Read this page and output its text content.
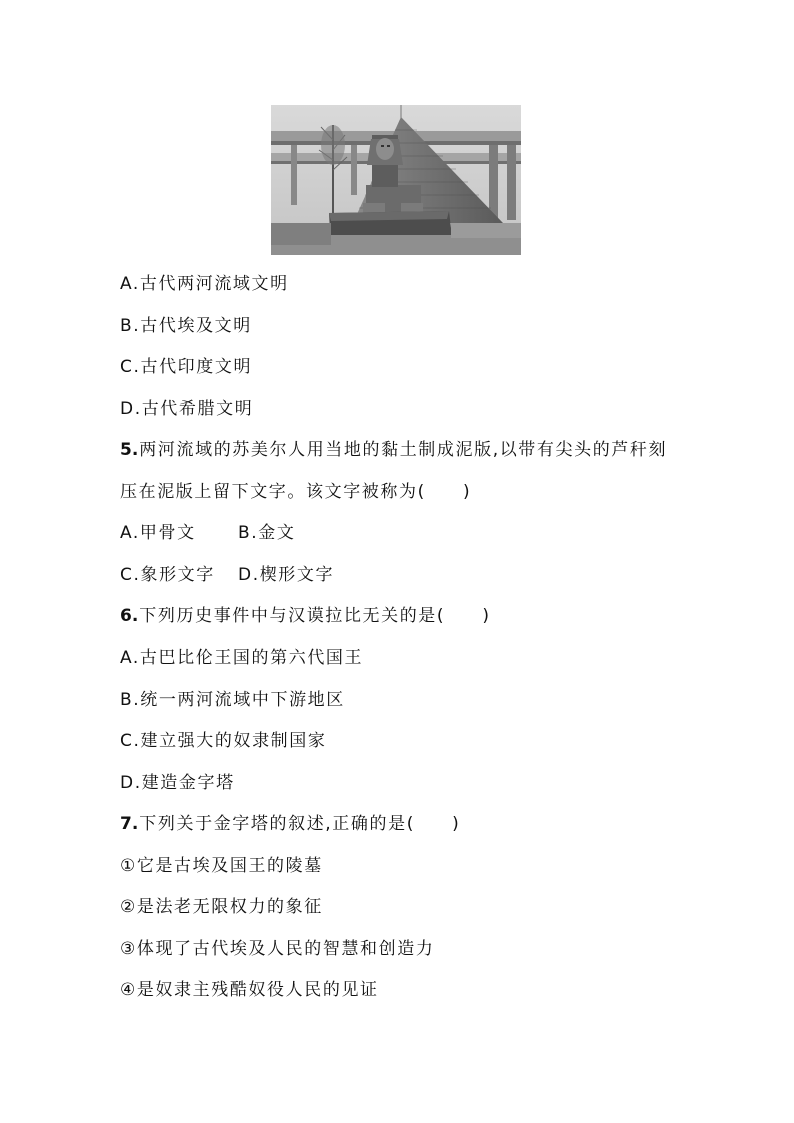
A.古代两河流域文明
B.古代埃及文明
C.古代印度文明
D.古代希腊文明
5.两河流域的苏美尔人用当地的黏土制成泥版,以带有尖头的芦秆刻
压在泥版上留下文字。该文字被称为(　　)
A.甲骨文 B.金文
C.象形文字 D.楔形文字
6.下列历史事件中与汉谟拉比无关的是(　　)
A.古巴比伦王国的第六代国王
B.统一两河流域中下游地区
C.建立强大的奴隶制国家
D.建造金字塔
7.下列关于金字塔的叙述,正确的是(　　)
①它是古埃及国王的陵墓
②是法老无限权力的象征
③体现了古代埃及人民的智慧和创造力
④是奴隶主残酷奴役人民的见证
